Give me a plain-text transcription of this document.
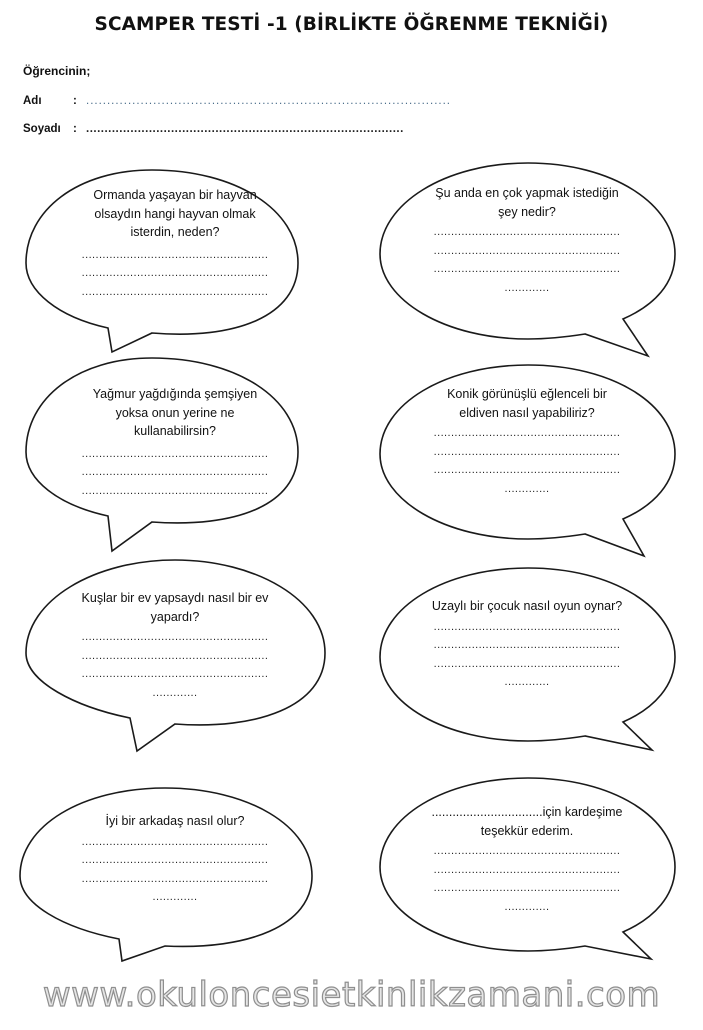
SCAMPER TESTİ -1 (BİRLİKTE ÖĞRENME TEKNİĞİ)
Öğrencinin;
Adı	: .......................................................................................
Soyadı : ......................................................................................
Ormanda yaşayan bir hayvan
olsaydın hangi hayvan olmak
isterdin, neden?
......................................................
......................................................
......................................................
Şu anda en çok yapmak istediğin
şey nedir?
......................................................
......................................................
......................................................
.............
Yağmur yağdığında şemşiyen
yoksa onun yerine ne
kullanabilirsin?
......................................................
......................................................
......................................................
Konik görünüşlü eğlenceli bir
eldiven nasıl yapabiliriz?
......................................................
......................................................
......................................................
.............
Kuşlar bir ev yapsaydı nasıl bir ev
yapardı?
......................................................
......................................................
......................................................
.............
Uzaylı bir çocuk nasıl oyun oynar?
......................................................
......................................................
......................................................
.............
İyi bir arkadaş nasıl olur?
......................................................
......................................................
......................................................
.............
................................için kardeşime
teşekkür ederim.
......................................................
......................................................
......................................................
.............
www.okuloncesietkinlikzamani.com
